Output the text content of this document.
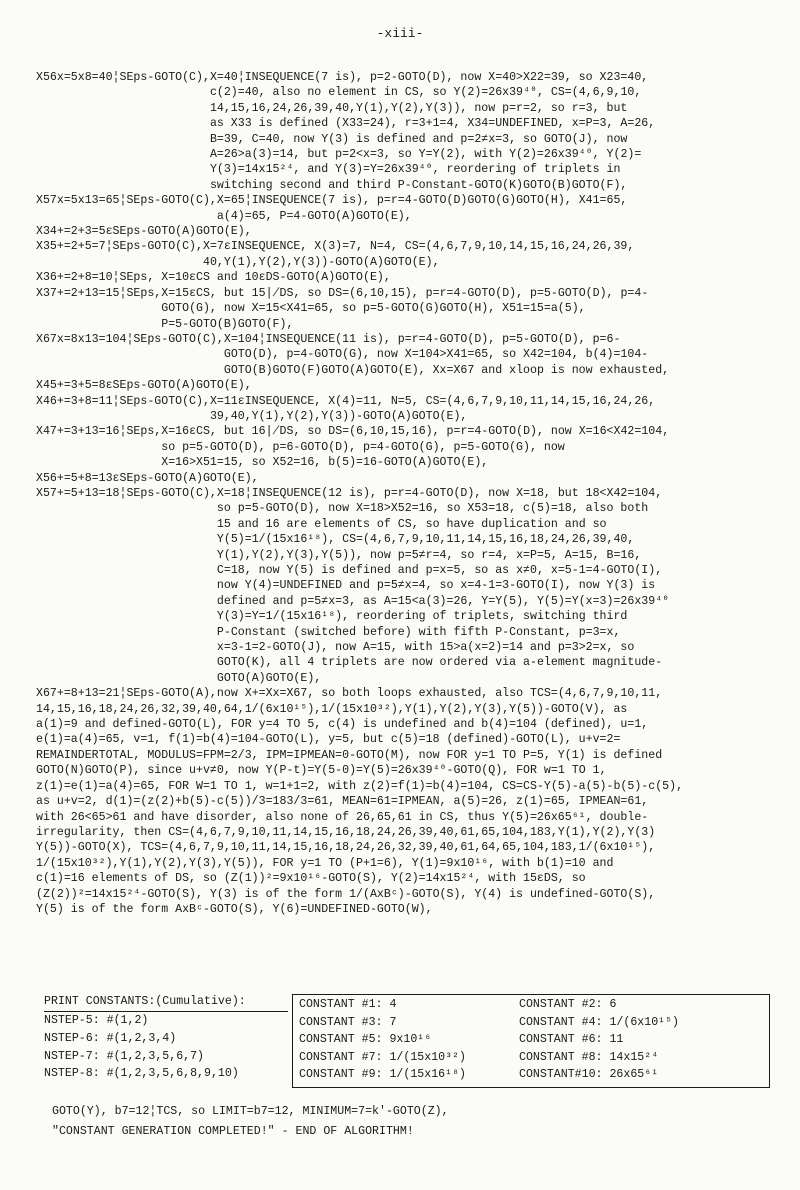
-xiii-
X56x=5x8=40¦SEps-GOTO(C), X=40¦INSEQUENCE(7 is), p=2-GOTO(D), now X=40>X22=39, so X23=40,
c(2)=40, also no element in CS, so Y(2)=26x39⁴⁰, CS=(4,6,9,10,
14,15,16,24,26,39,40,Y(1),Y(2),Y(3)), now p=r=2, so r=3, but
as X33 is defined (X33=24), r=3+1=4, X34=UNDEFINED, x=P=3, A=26,
B=39, C=40, now Y(3) is defined and p=2≠x=3, so GOTO(J), now
A=26>a(3)=14, but p=2<x=3, so Y=Y(2), with Y(2)=26x39⁴⁰, Y(2)=
Y(3)=14x15²⁴, and Y(3)=Y=26x39⁴⁰, reordering of triplets in
switching second and third P-Constant-GOTO(K)GOTO(B)GOTO(F),
X57x=5x13=65¦SEps-GOTO(C), X=65¦INSEQUENCE(7 is), p=r=4-GOTO(D)GOTO(G)GOTO(H), X41=65,
a(4)=65, P=4-GOTO(A)GOTO(E),
X34+=2+3=5εSEps-GOTO(A)GOTO(E),
X35+=2+5=7¦SEps-GOTO(C), X=7εINSEQUENCE, X(3)=7, N=4, CS=(4,6,7,9,10,14,15,16,24,26,39,
40,Y(1),Y(2),Y(3))-GOTO(A)GOTO(E),
X36+=2+8=10¦SEps, X=10εCS and 10εDS-GOTO(A)GOTO(E),
X37+=2+13=15¦SEps, X=15εCS, but 15∤DS, so DS=(6,10,15), p=r=4-GOTO(D), p=5-GOTO(D), p=4-
GOTO(G), now X=15<X41=65, so p=5-GOTO(G)GOTO(H), X51=15=a(5),
P=5-GOTO(B)GOTO(F),
X67x=8x13=104¦SEps-GOTO(C), X=104¦INSEQUENCE(11 is), p=r=4-GOTO(D), p=5-GOTO(D), p=6-
GOTO(D), p=4-GOTO(G), now X=104>X41=65, so X42=104, b(4)=104-
GOTO(B)GOTO(F)GOTO(A)GOTO(E), Xx=X67 and xloop is now exhausted,
X45+=3+5=8εSEps-GOTO(A)GOTO(E),
X46+=3+8=11¦SEps-GOTO(C), X=11εINSEQUENCE, X(4)=11, N=5, CS=(4,6,7,9,10,11,14,15,16,24,26,
39,40,Y(1),Y(2),Y(3))-GOTO(A)GOTO(E),
X47+=3+13=16¦SEps, X=16εCS, but 16∤DS, so DS=(6,10,15,16), p=r=4-GOTO(D), now X=16<X42=104,
so p=5-GOTO(D), p=6-GOTO(D), p=4-GOTO(G), p=5-GOTO(G), now
X=16>X51=15, so X52=16, b(5)=16-GOTO(A)GOTO(E),
X56+=5+8=13εSEps-GOTO(A)GOTO(E),
X57+=5+13=18¦SEps-GOTO(C), X=18¦INSEQUENCE(12 is), p=r=4-GOTO(D), now X=18, but 18<X42=104,
so p=5-GOTO(D), now X=18>X52=16, so X53=18, c(5)=18, also both
15 and 16 are elements of CS, so have duplication and so
Y(5)=1/(15x16¹⁸), CS=(4,6,7,9,10,11,14,15,16,18,24,26,39,40,
Y(1),Y(2),Y(3),Y(5)), now p=5≠r=4, so r=4, x=P=5, A=15, B=16,
C=18, now Y(5) is defined and p=x=5, so as x≠0, x=5-1=4-GOTO(I),
now Y(4)=UNDEFINED and p=5≠x=4, so x=4-1=3-GOTO(I), now Y(3) is
defined and p=5≠x=3, as A=15<a(3)=26, Y=Y(5), Y(5)=Y(x=3)=26x39⁴⁰
Y(3)=Y=1/(15x16¹⁸), reordering of triplets, switching third
P-Constant (switched before) with fifth P-Constant, p=3=x,
x=3-1=2-GOTO(J), now A=15, with 15>a(x=2)=14 and p=3>2=x, so
GOTO(K), all 4 triplets are now ordered via a-element magnitude-
GOTO(A)GOTO(E),
X67+=8+13=21¦SEps-GOTO(A), now X+=Xx=X67, so both loops exhausted, also TCS=(4,6,7,9,10,11,
14,15,16,18,24,26,32,39,40,64,1/(6x10¹⁵),1/(15x10³²),Y(1),Y(2),Y(3),Y(5))-GOTO(V), as
a(1)=9 and defined-GOTO(L), FOR y=4 TO 5, c(4) is undefined and b(4)=104 (defined), u=1,
e(1)=a(4)=65, v=1, f(1)=b(4)=104-GOTO(L), y=5, but c(5)=18 (defined)-GOTO(L), u+v=2=
REMAINDERTOTAL, MODULUS=FPM=2/3, IPM=IPMEAN=0-GOTO(M), now FOR y=1 TO P=5, Y(1) is defined
GOTO(N)GOTO(P), since u+v≠0, now Y(P-t)=Y(5-0)=Y(5)=26x39⁴⁰-GOTO(Q), FOR w=1 TO 1,
z(1)=e(1)=a(4)=65, FOR W=1 TO 1, w=1+1=2, with z(2)=f(1)=b(4)=104, CS=CS-Y(5)-a(5)-b(5)-c(5),
as u+v=2, d(1)=(z(2)+b(5)-c(5))/3=183/3=61, MEAN=61=IPMEAN, a(5)=26, z(1)=65, IPMEAN=61,
with 26<65>61 and have disorder, also none of 26,65,61 in CS, thus Y(5)=26x65⁶¹, double-
irregularity, then CS=(4,6,7,9,10,11,14,15,16,18,24,26,39,40,61,65,104,183,Y(1),Y(2),Y(3)
Y(5))-GOTO(X), TCS=(4,6,7,9,10,11,14,15,16,18,24,26,32,39,40,61,64,65,104,183,1/(6x10¹⁵),
1/(15x10³²),Y(1),Y(2),Y(3),Y(5)), FOR y=1 TO (P+1=6), Y(1)=9x10¹⁶, with b(1)=10 and
c(1)=16 elements of DS, so (Z(1))²=9x10¹⁶-GOTO(S), Y(2)=14x15²⁴, with 15εDS, so
(Z(2))²=14x15²⁴-GOTO(S), Y(3) is of the form 1/(AxBᶜ)-GOTO(S), Y(4) is undefined-GOTO(S),
Y(5) is of the form AxBᶜ-GOTO(S), Y(6)=UNDEFINED-GOTO(W),
PRINT CONSTANTS:(Cumulative):
NSTEP-5: #(1,2)
NSTEP-6: #(1,2,3,4)
NSTEP-7: #(1,2,3,5,6,7)
NSTEP-8: #(1,2,3,5,6,8,9,10)
CONSTANT #1: 4	CONSTANT #2: 6
CONSTANT #3: 7	CONSTANT #4: 1/(6x10¹⁵)
CONSTANT #5: 9x10¹⁶	CONSTANT #6: 11
CONSTANT #7: 1/(15x10³²)	CONSTANT #8: 14x15²⁴
CONSTANT #9: 1/(15x16¹⁸)	CONSTANT#10: 26x65⁶¹
GOTO(Y), b7=12¦TCS, so LIMIT=b7=12, MINIMUM=7=k'-GOTO(Z),
"CONSTANT GENERATION COMPLETED!" - END OF ALGORITHM!
